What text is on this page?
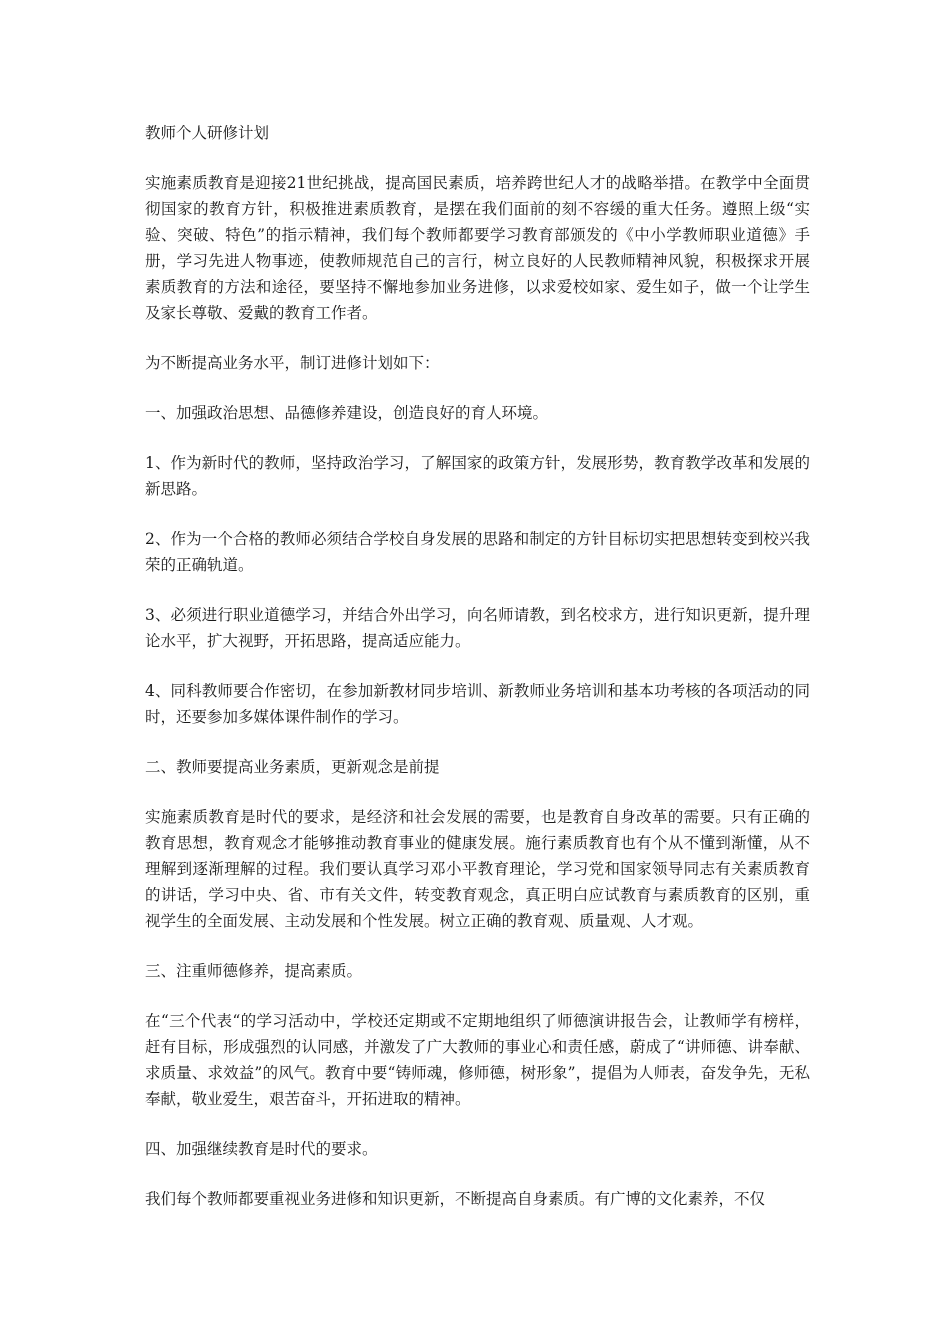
教师个人研修计划

实施素质教育是迎接21世纪挑战，提高国民素质，培养跨世纪人才的战略举措。在教学中全面贯彻国家的教育方针，积极推进素质教育，是摆在我们面前的刻不容缓的重大任务。遵照上级“实验、突破、特色”的指示精神，我们每个教师都要学习教育部颁发的《中小学教师职业道德》手册，学习先进人物事迹，使教师规范自己的言行，树立良好的人民教师精神风貌，积极探求开展素质教育的方法和途径，要坚持不懈地参加业务进修，以求爱校如家、爱生如子，做一个让学生及家长尊敬、爱戴的教育工作者。

为不断提高业务水平，制订进修计划如下：

一、加强政治思想、品德修养建设，创造良好的育人环境。

1、作为新时代的教师，坚持政治学习，了解国家的政策方针，发展形势，教育教学改革和发展的新思路。

2、作为一个合格的教师必须结合学校自身发展的思路和制定的方针目标切实把思想转变到校兴我荣的正确轨道。

3、必须进行职业道德学习，并结合外出学习，向名师请教，到名校求方，进行知识更新，提升理论水平，扩大视野，开拓思路，提高适应能力。

4、同科教师要合作密切，在参加新教材同步培训、新教师业务培训和基本功考核的各项活动的同时，还要参加多媒体课件制作的学习。

二、教师要提高业务素质，更新观念是前提

实施素质教育是时代的要求，是经济和社会发展的需要，也是教育自身改革的需要。只有正确的教育思想，教育观念才能够推动教育事业的健康发展。施行素质教育也有个从不懂到渐懂，从不理解到逐渐理解的过程。我们要认真学习邓小平教育理论，学习党和国家领导同志有关素质教育的讲话，学习中央、省、市有关文件，转变教育观念，真正明白应试教育与素质教育的区别，重视学生的全面发展、主动发展和个性发展。树立正确的教育观、质量观、人才观。

三、注重师德修养，提高素质。

在“三个代表“的学习活动中，学校还定期或不定期地组织了师德演讲报告会，让教师学有榜样，赶有目标，形成强烈的认同感，并激发了广大教师的事业心和责任感，蔚成了“讲师德、讲奉献、求质量、求效益”的风气。教育中要“铸师魂，修师德，树形象”，提倡为人师表，奋发争先，无私奉献，敬业爱生，艰苦奋斗，开拓进取的精神。

四、加强继续教育是时代的要求。

我们每个教师都要重视业务进修和知识更新，不断提高自身素质。有广博的文化素养，不仅
